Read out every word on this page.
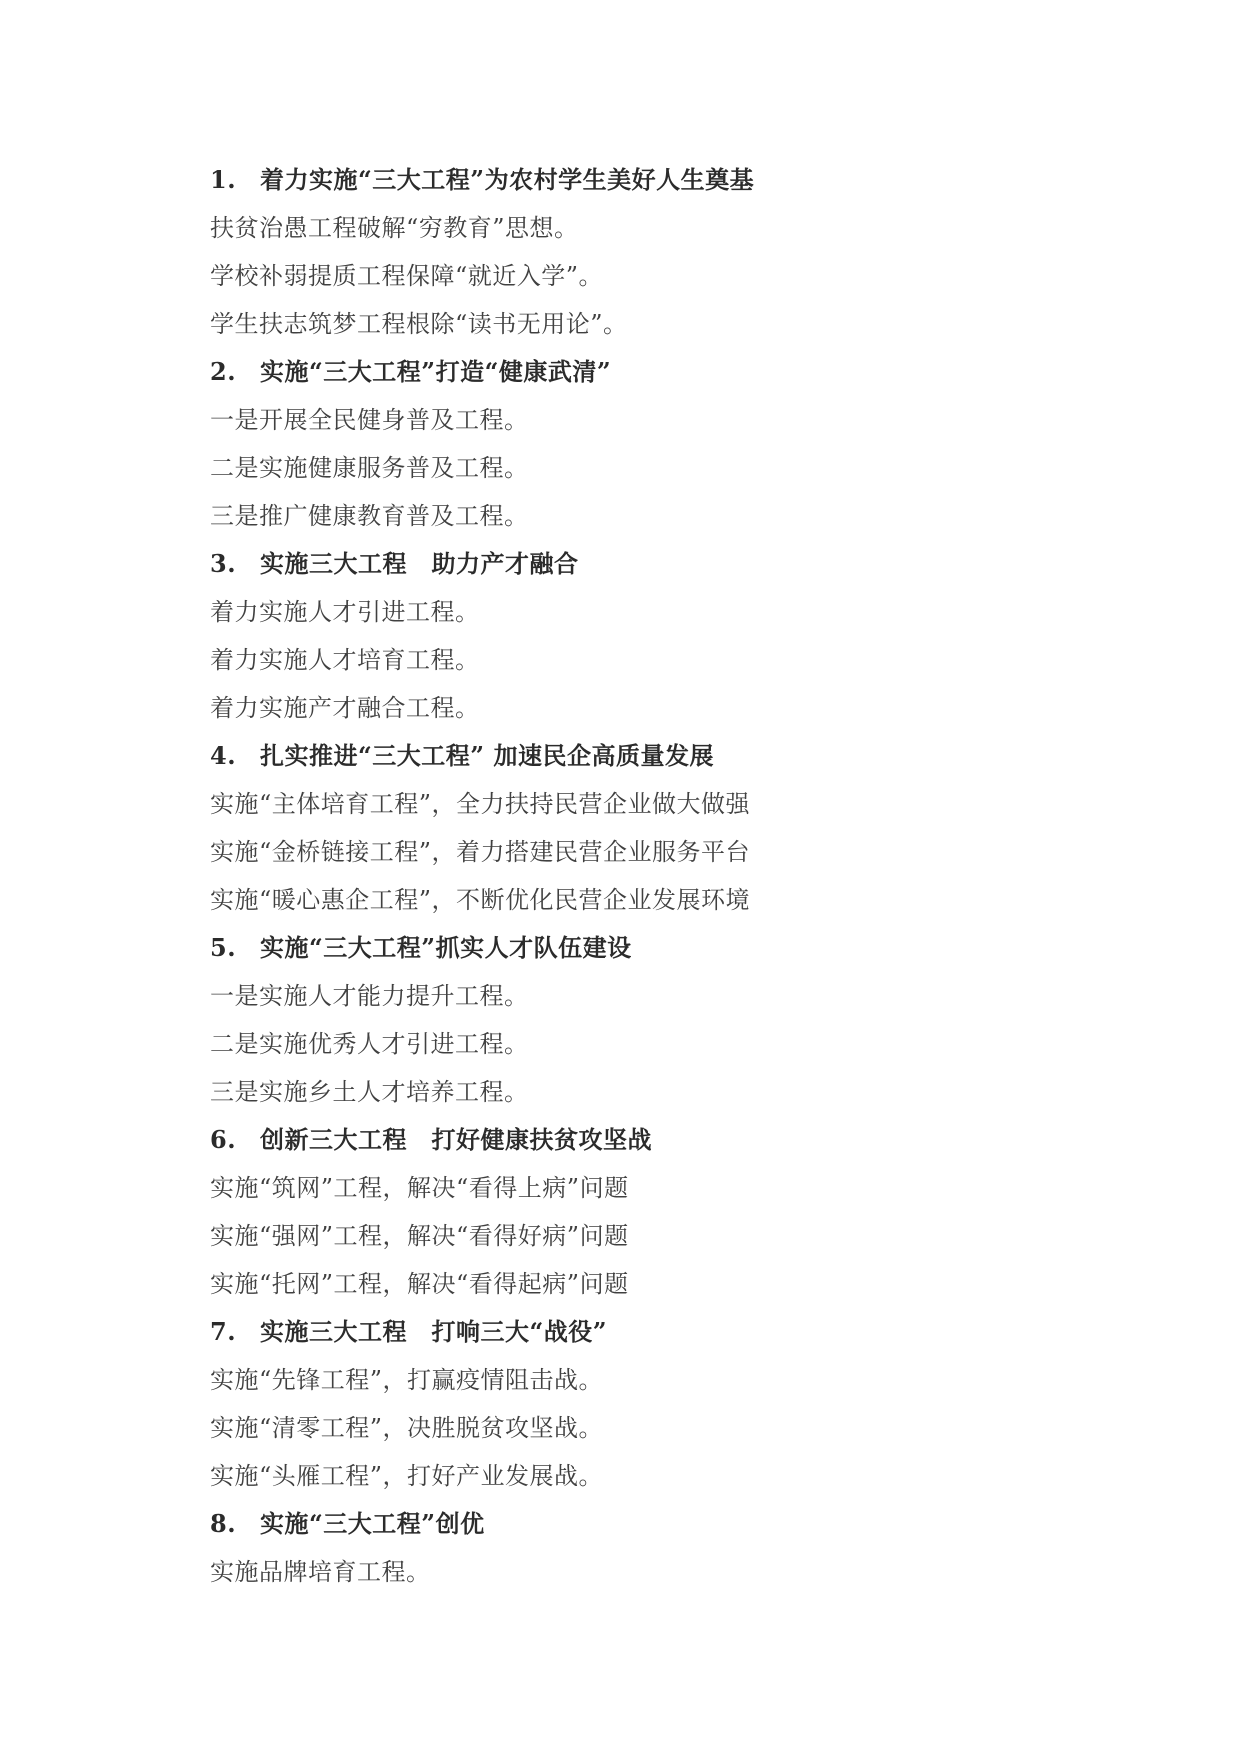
1. 着力实施“三大工程”为农村学生美好人生奠基
扶贫治愚工程破解“穷教育”思想。
学校补弱提质工程保障“就近入学”。
学生扶志筑梦工程根除“读书无用论”。
2. 实施“三大工程”打造“健康武清”
一是开展全民健身普及工程。
二是实施健康服务普及工程。
三是推广健康教育普及工程。
3. 实施三大工程　助力产才融合
着力实施人才引进工程。
着力实施人才培育工程。
着力实施产才融合工程。
4. 扎实推进“三大工程” 加速民企高质量发展
实施“主体培育工程”，全力扶持民营企业做大做强
实施“金桥链接工程”，着力搭建民营企业服务平台
实施“暖心惠企工程”，不断优化民营企业发展环境
5. 实施“三大工程”抓实人才队伍建设
一是实施人才能力提升工程。
二是实施优秀人才引进工程。
三是实施乡土人才培养工程。
6. 创新三大工程　打好健康扶贫攻坚战
实施“筑网”工程，解决“看得上病”问题
实施“强网”工程，解决“看得好病”问题
实施“托网”工程，解决“看得起病”问题
7. 实施三大工程　打响三大“战役”
实施“先锋工程”，打赢疫情阻击战。
实施“清零工程”，决胜脱贫攻坚战。
实施“头雁工程”，打好产业发展战。
8. 实施“三大工程”创优
实施品牌培育工程。
